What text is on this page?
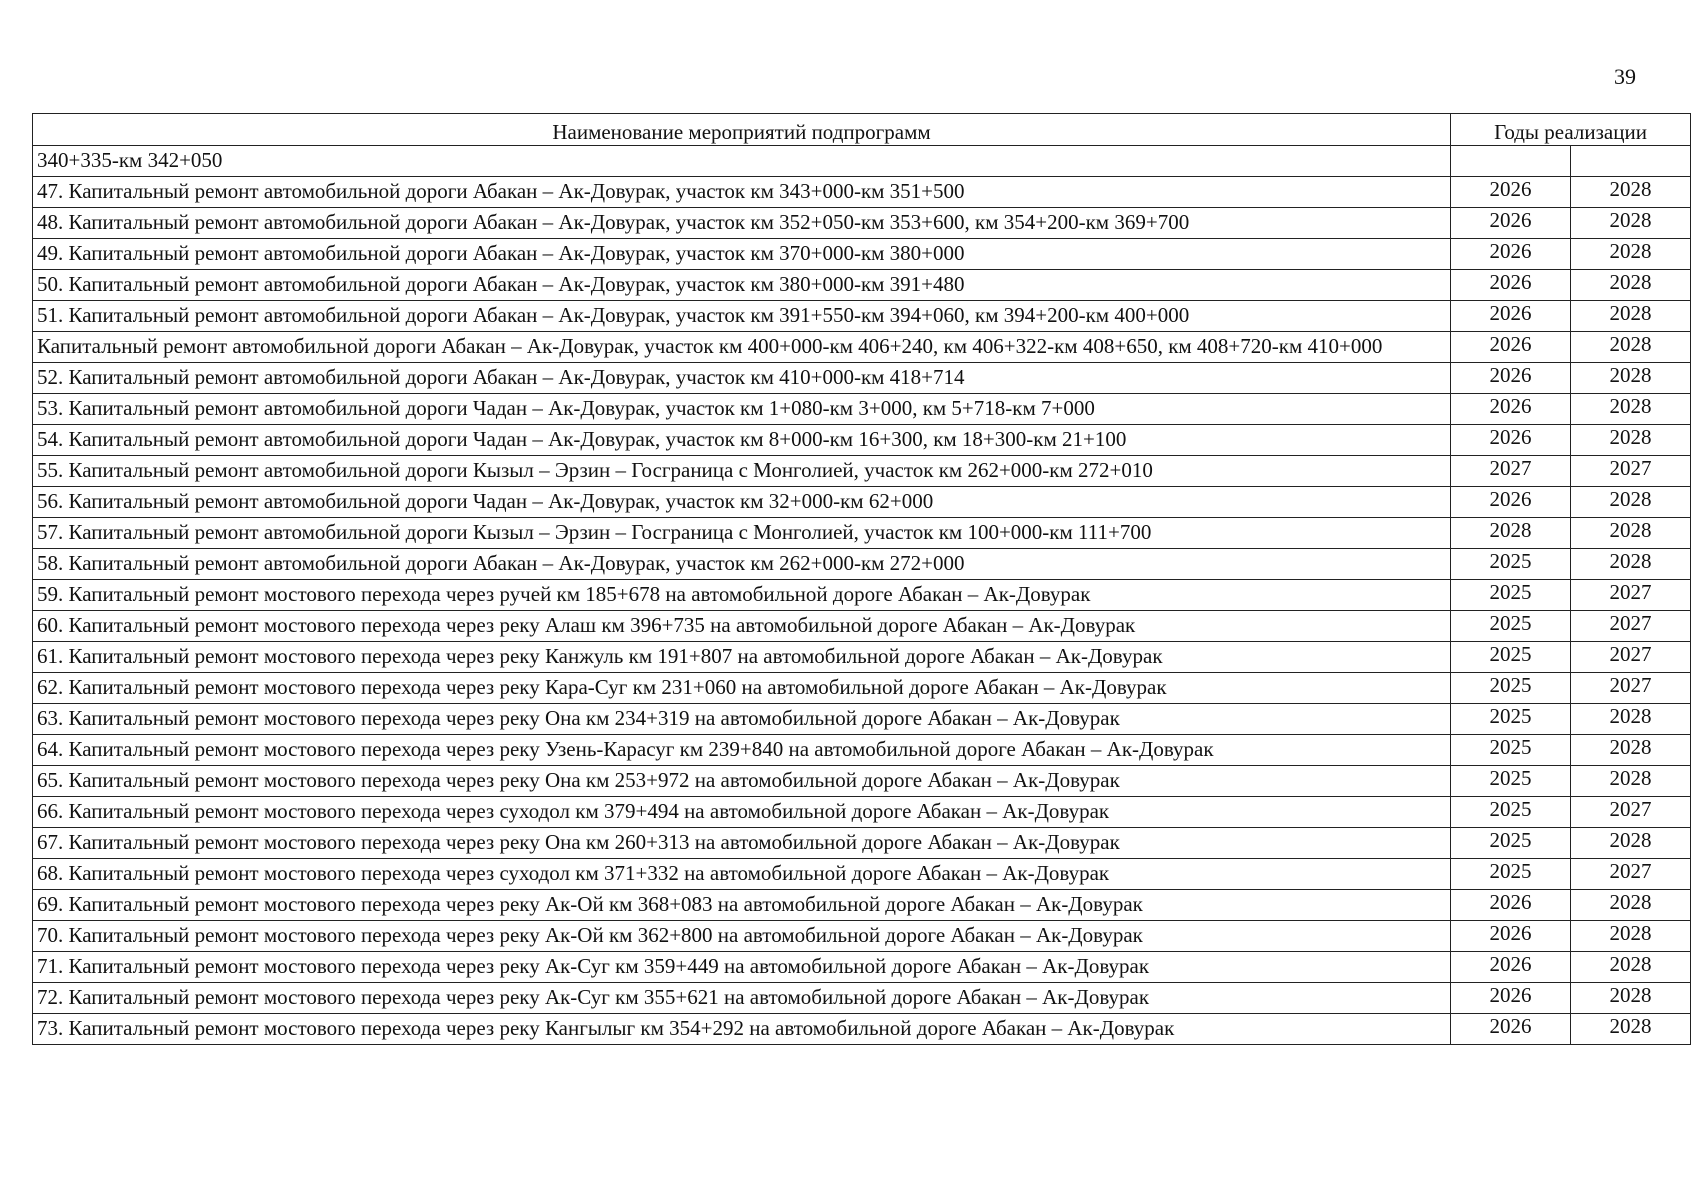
39
Наименование мероприятий подпрограмм	Годы реализации	
340+335-км 342+050		
47. Капитальный ремонт автомобильной дороги Абакан – Ак-Довурак, участок км 343+000-км 351+500	2026	2028
48. Капитальный ремонт автомобильной дороги Абакан – Ак-Довурак, участок км 352+050-км 353+600, км 354+200-км 369+700	2026	2028
49. Капитальный ремонт автомобильной дороги Абакан – Ак-Довурак, участок км 370+000-км 380+000	2026	2028
50. Капитальный ремонт автомобильной дороги Абакан – Ак-Довурак, участок км 380+000-км 391+480	2026	2028
51. Капитальный ремонт автомобильной дороги Абакан – Ак-Довурак, участок км 391+550-км 394+060, км 394+200-км 400+000	2026	2028
Капитальный ремонт автомобильной дороги Абакан – Ак-Довурак, участок км 400+000-км 406+240, км 406+322-км 408+650, км 408+720-км 410+000	2026	2028
52. Капитальный ремонт автомобильной дороги Абакан – Ак-Довурак, участок км 410+000-км 418+714	2026	2028
53. Капитальный ремонт автомобильной дороги Чадан – Ак-Довурак, участок км 1+080-км 3+000, км 5+718-км 7+000	2026	2028
54. Капитальный ремонт автомобильной дороги Чадан – Ак-Довурак, участок км 8+000-км 16+300, км 18+300-км 21+100	2026	2028
55. Капитальный ремонт автомобильной дороги Кызыл – Эрзин – Госграница с Монголией, участок км 262+000-км 272+010	2027	2027
56. Капитальный ремонт автомобильной дороги Чадан – Ак-Довурак, участок км 32+000-км 62+000	2026	2028
57. Капитальный ремонт автомобильной дороги Кызыл – Эрзин – Госграница с Монголией, участок км 100+000-км 111+700	2028	2028
58. Капитальный ремонт автомобильной дороги Абакан – Ак-Довурак, участок км 262+000-км 272+000	2025	2028
59. Капитальный ремонт мостового перехода через ручей км 185+678 на автомобильной дороге Абакан – Ак-Довурак	2025	2027
60. Капитальный ремонт мостового перехода через реку Алаш км 396+735 на автомобильной дороге Абакан – Ак-Довурак	2025	2027
61. Капитальный ремонт мостового перехода через реку Канжуль км 191+807 на автомобильной дороге Абакан – Ак-Довурак	2025	2027
62. Капитальный ремонт мостового перехода через реку Кара-Суг км 231+060 на автомобильной дороге Абакан – Ак-Довурак	2025	2027
63. Капитальный ремонт мостового перехода через реку Она км 234+319 на автомобильной дороге Абакан – Ак-Довурак	2025	2028
64. Капитальный ремонт мостового перехода через реку Узень-Карасуг км 239+840 на автомобильной дороге Абакан – Ак-Довурак	2025	2028
65. Капитальный ремонт мостового перехода через реку Она км 253+972 на автомобильной дороге Абакан – Ак-Довурак	2025	2028
66. Капитальный ремонт мостового перехода через суходол км 379+494 на автомобильной дороге Абакан – Ак-Довурак	2025	2027
67. Капитальный ремонт мостового перехода через реку Она км 260+313 на автомобильной дороге Абакан – Ак-Довурак	2025	2028
68. Капитальный ремонт мостового перехода через суходол км 371+332 на автомобильной дороге Абакан – Ак-Довурак	2025	2027
69. Капитальный ремонт мостового перехода через реку Ак-Ой км 368+083 на автомобильной дороге Абакан – Ак-Довурак	2026	2028
70. Капитальный ремонт мостового перехода через реку Ак-Ой км 362+800 на автомобильной дороге Абакан – Ак-Довурак	2026	2028
71. Капитальный ремонт мостового перехода через реку Ак-Суг км 359+449 на автомобильной дороге Абакан – Ак-Довурак	2026	2028
72. Капитальный ремонт мостового перехода через реку Ак-Суг км 355+621 на автомобильной дороге Абакан – Ак-Довурак	2026	2028
73. Капитальный ремонт мостового перехода через реку Кангылыг км 354+292 на автомобильной дороге Абакан – Ак-Довурак	2026	2028
